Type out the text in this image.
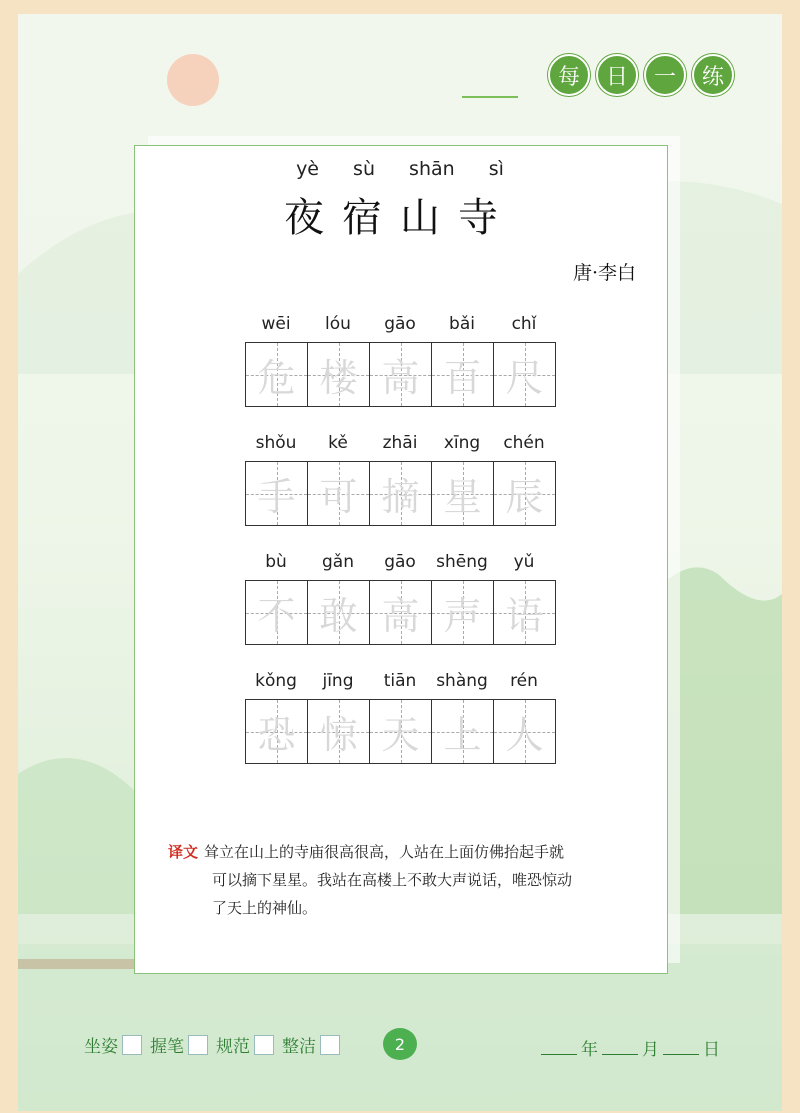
每	日	一	练
yè sù shān sì
夜宿山寺
唐·李白
wēi	lóu	gāo	bǎi	chǐ
危 楼 高 百 尺
shǒu	kě	zhāi	xīng	chén
手 可 摘 星 辰
bù	gǎn	gāo	shēng	yǔ
不 敢 高 声 语
kǒng	jīng	tiān	shàng	rén
恐 惊 天 上 人
译文 耸立在山上的寺庙很高很高，人站在上面仿佛抬起手就
可以摘下星星。我站在高楼上不敢大声说话，唯恐惊动
了天上的神仙。
坐姿 握笔 规范 整洁	2	年	月	日
